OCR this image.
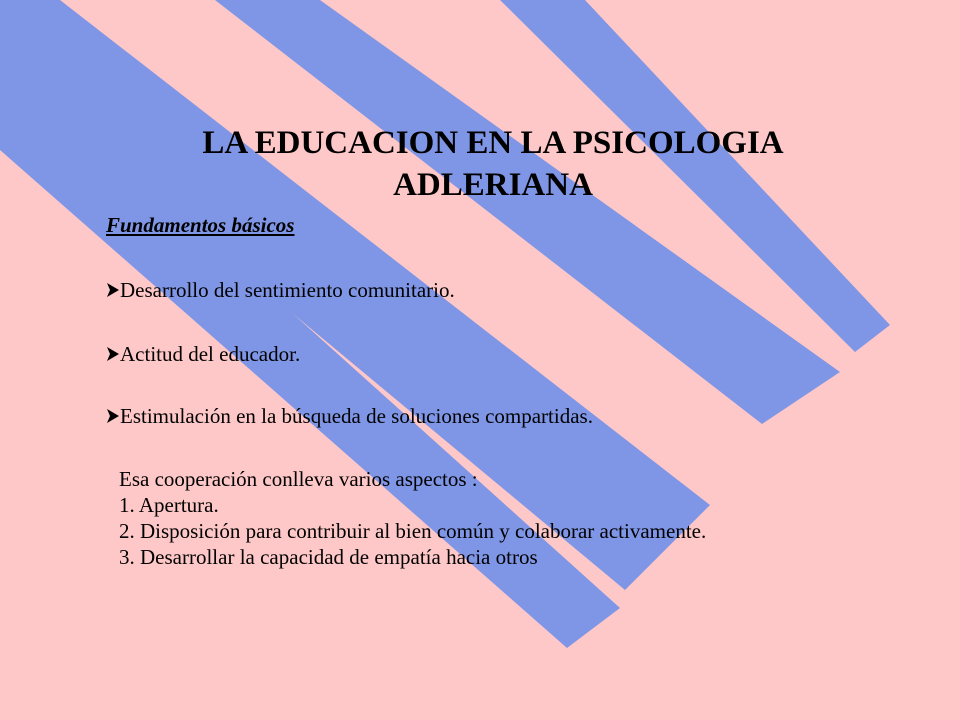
LA EDUCACION EN LA PSICOLOGIA
ADLERIANA
Fundamentos básicos
Desarrollo del sentimiento comunitario.
Actitud del educador.
Estimulación en la búsqueda de soluciones compartidas.
Esa cooperación conlleva varios aspectos :
1. Apertura.
2. Disposición para contribuir al bien común y colaborar activamente.
3. Desarrollar la capacidad de empatía hacia otros
